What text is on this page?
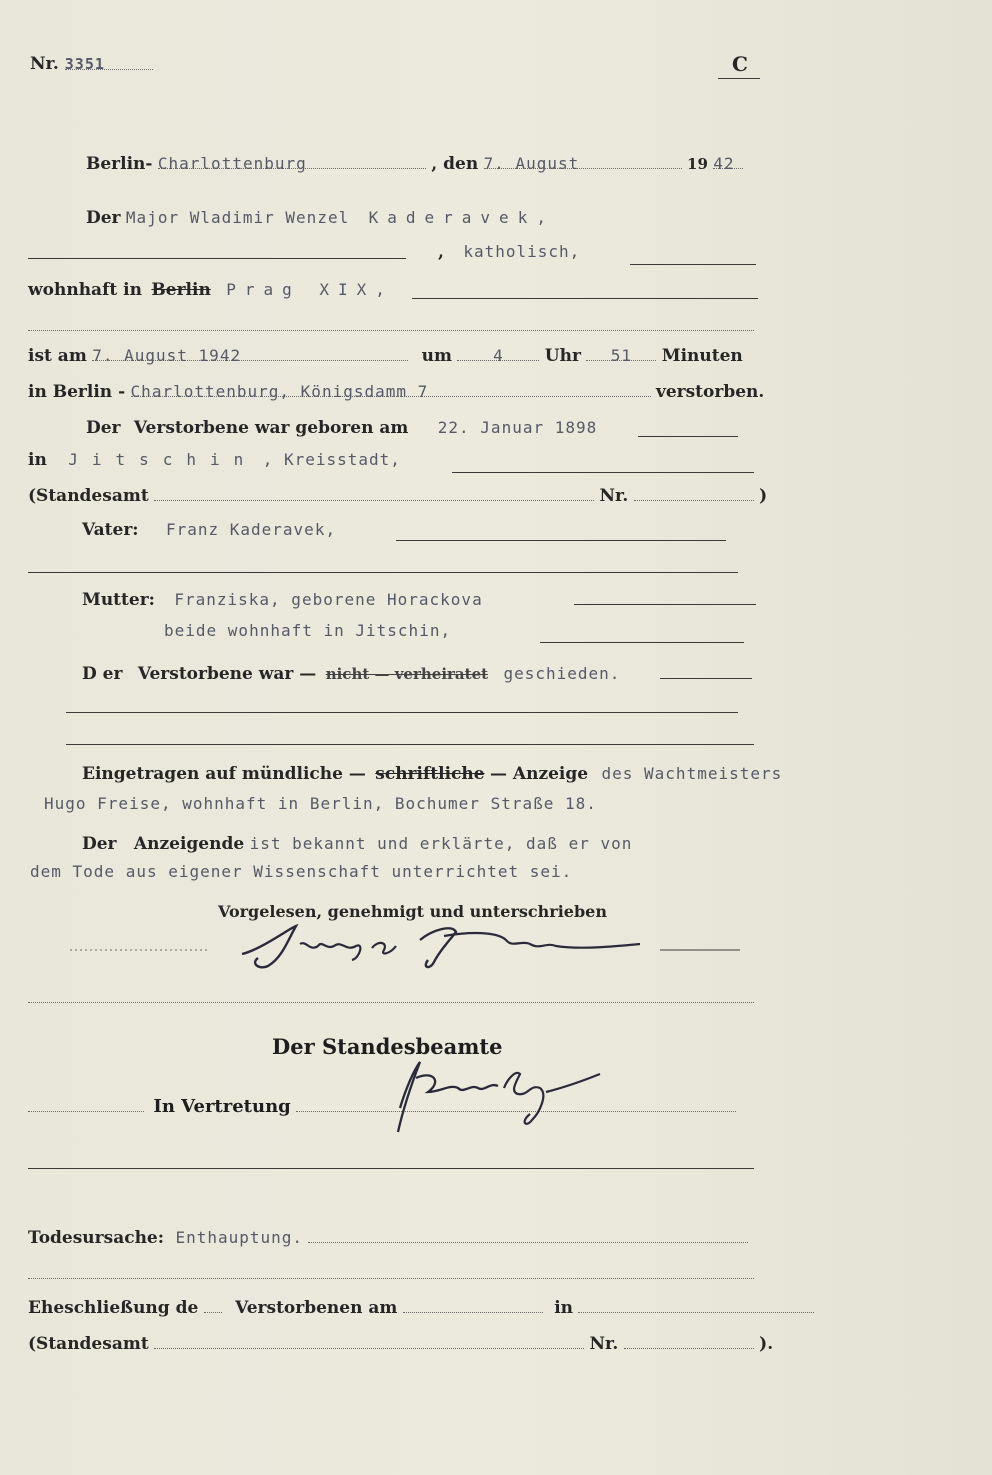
Nr. 3351	C
Berlin- Charlottenburg	, den 7. August	19 42
Der Major Wladimir Wenzel Kaderavek,
, katholisch,
wohnhaft in Berlin Prag XIX,
ist am 7. August 1942	um	4 Uhr 51 Minuten
in Berlin - Charlottenburg, Königsdamm 7	verstorben.
Der Verstorbene war geboren am 22. Januar 1898
in Jitschin , Kreisstadt,
(Standesamt	Nr.	)
Vater: Franz Kaderavek,
Mutter: Franziska, geborene Horackova
beide wohnhaft in Jitschin,
D er Verstorbene war — nicht — verheiratet geschieden.
Eingetragen auf mündliche — schriftliche — Anzeige des Wachtmeisters
Hugo Freise, wohnhaft in Berlin, Bochumer Straße 18.
Der Anzeigende ist bekannt und erklärte, daß er von
dem Tode aus eigener Wissenschaft unterrichtet sei.
Vorgelesen, genehmigt und unterschrieben
Der Standesbeamte
In Vertretung
Todesursache: Enthauptung.
Eheschließung de Verstorbenen am	in
(Standesamt	Nr.	).
